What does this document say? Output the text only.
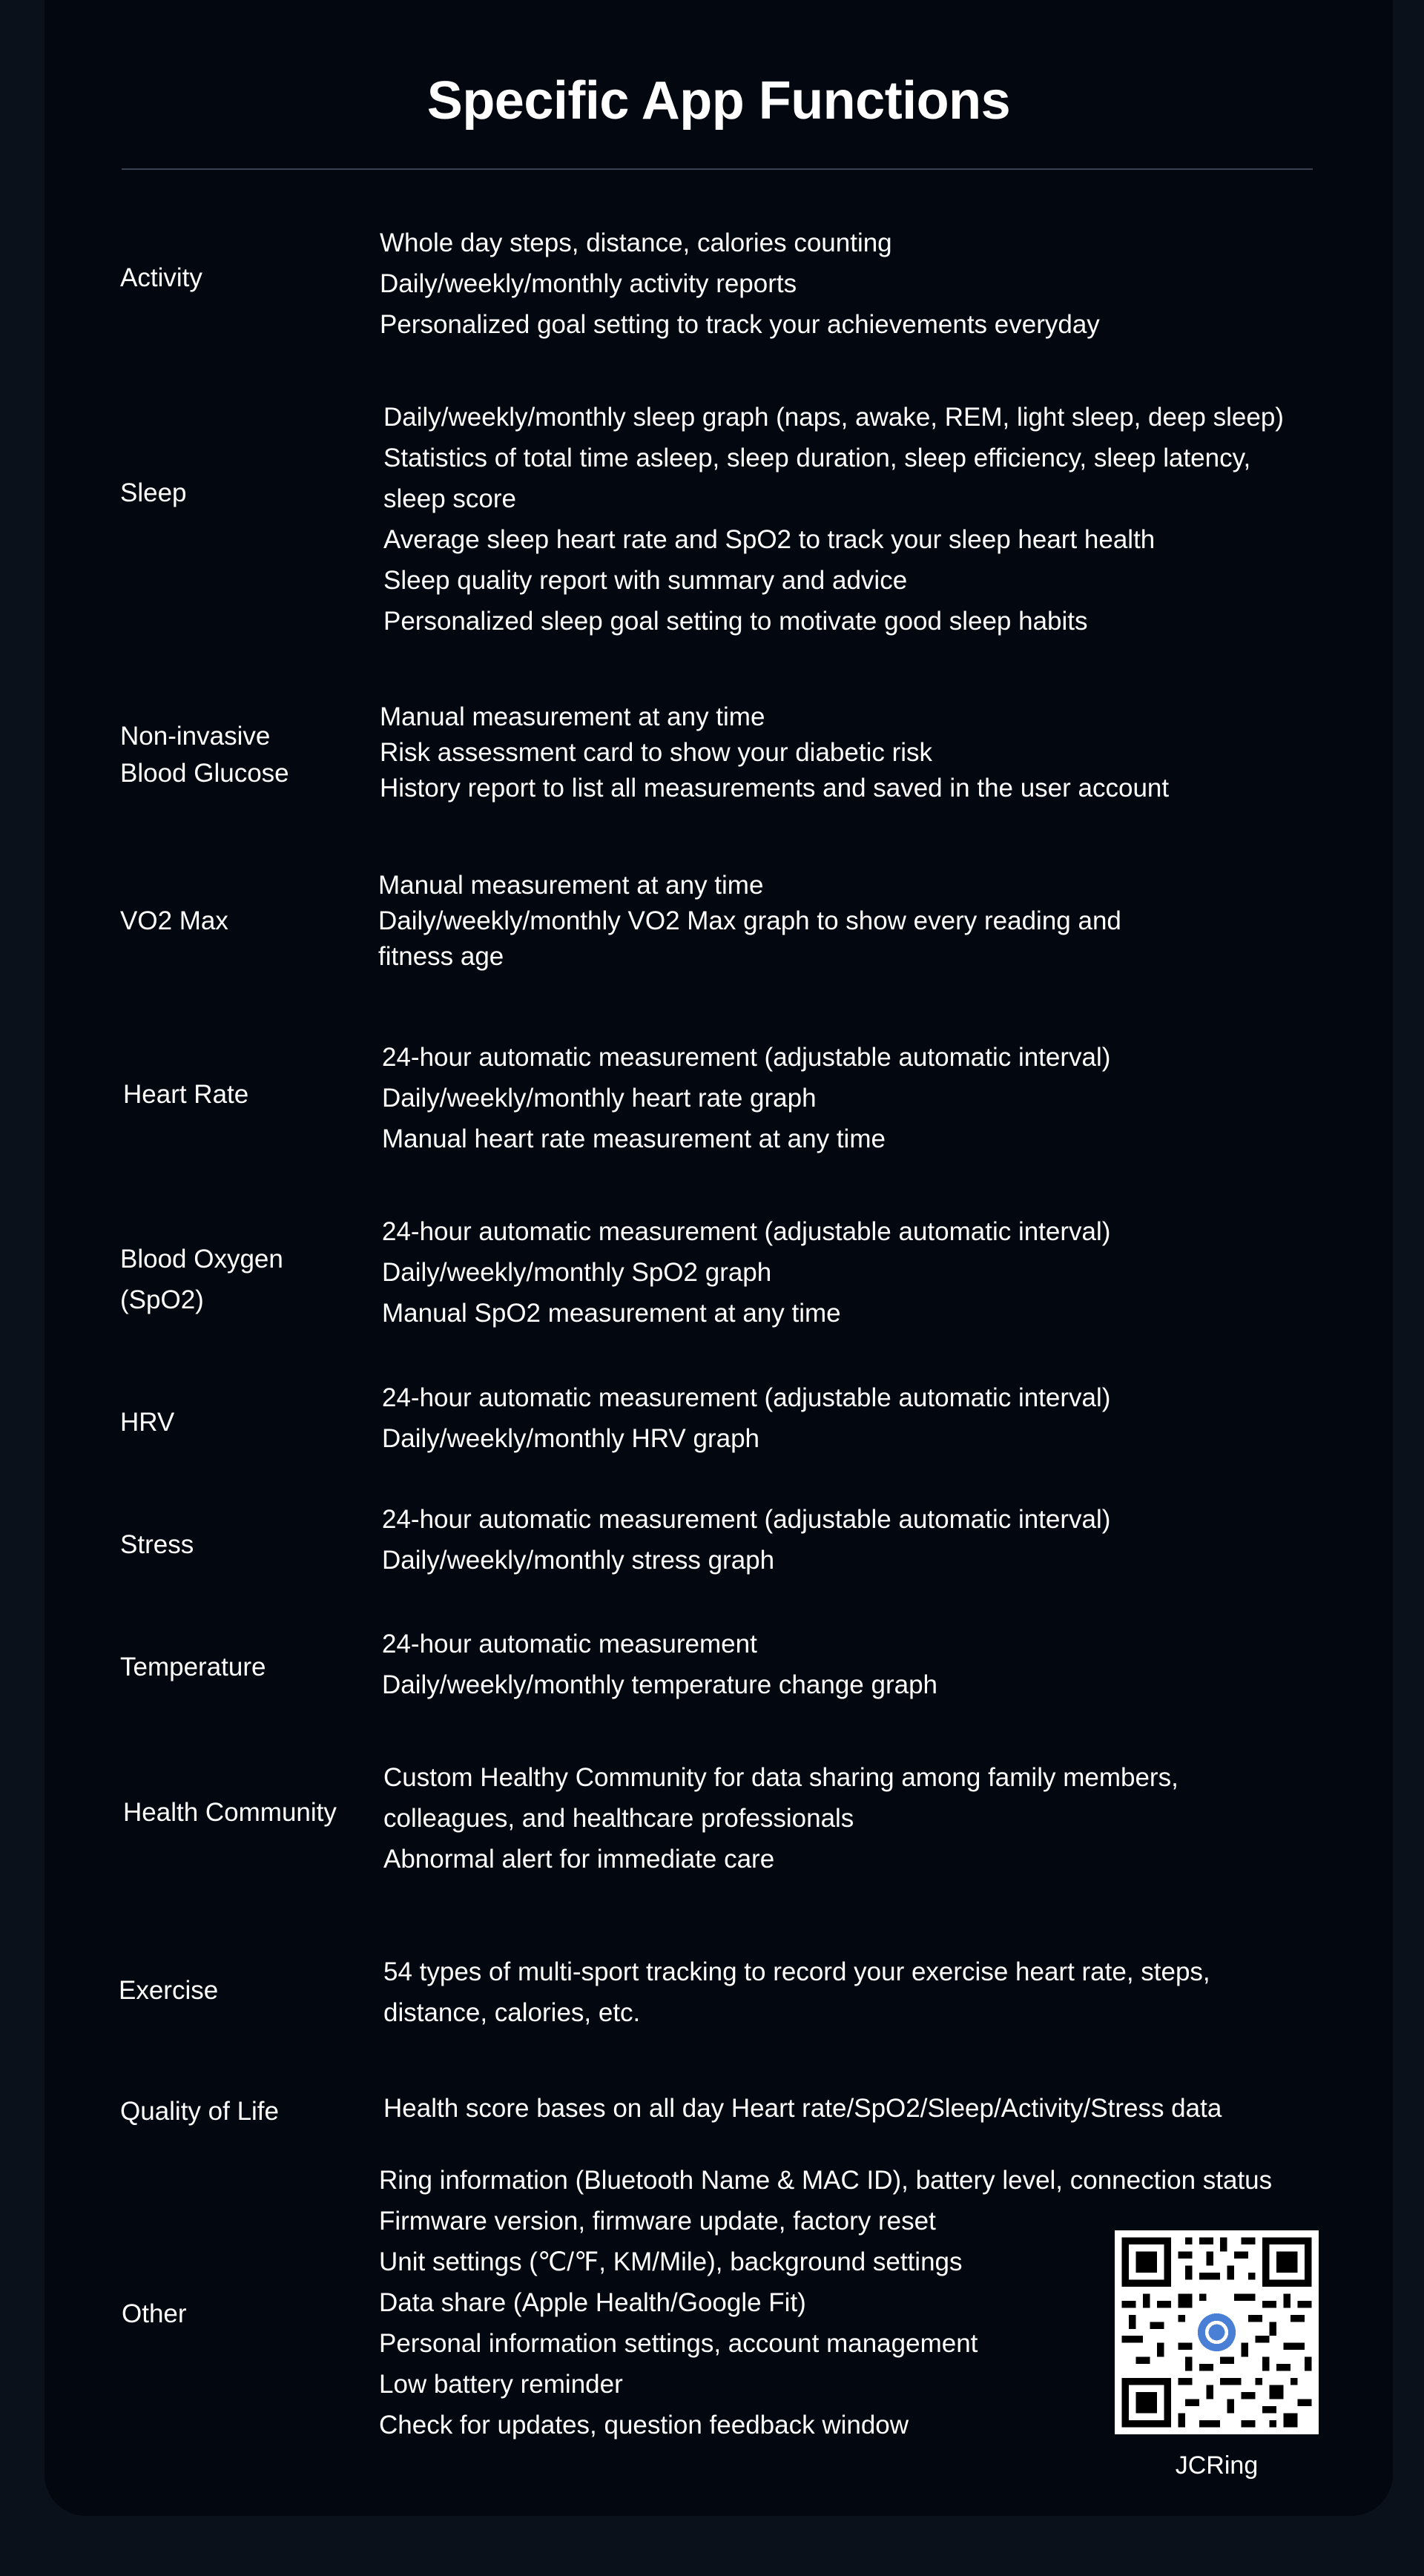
Specific App Functions
Activity
Whole day steps, distance, calories counting
Daily/weekly/monthly activity reports
Personalized goal setting to track your achievements everyday
Sleep
Daily/weekly/monthly sleep graph (naps, awake, REM, light sleep, deep sleep)
Statistics of total time asleep, sleep duration, sleep efficiency, sleep latency,
sleep score
Average sleep heart rate and SpO2 to track your sleep heart health
Sleep quality report with summary and advice
Personalized sleep goal setting to motivate good sleep habits
Non-invasive
Blood Glucose
Manual measurement at any time
Risk assessment card to show your diabetic risk
History report to list all measurements and saved in the user account
VO2 Max
Manual measurement at any time
Daily/weekly/monthly VO2 Max graph to show every reading and
fitness age
Heart Rate
24-hour automatic measurement (adjustable automatic interval)
Daily/weekly/monthly heart rate graph
Manual heart rate measurement at any time
Blood Oxygen
(SpO2)
24-hour automatic measurement (adjustable automatic interval)
Daily/weekly/monthly SpO2 graph
Manual SpO2 measurement at any time
HRV
24-hour automatic measurement (adjustable automatic interval)
Daily/weekly/monthly HRV graph
Stress
24-hour automatic measurement (adjustable automatic interval)
Daily/weekly/monthly stress graph
Temperature
24-hour automatic measurement
Daily/weekly/monthly temperature change graph
Health Community
Custom Healthy Community for data sharing among family members,
colleagues, and healthcare professionals
Abnormal alert for immediate care
Exercise
54 types of multi-sport tracking to record your exercise heart rate, steps,
distance, calories, etc.
Quality of Life	Health score bases on all day Heart rate/SpO2/Sleep/Activity/Stress data
Other
Ring information (Bluetooth Name & MAC ID), battery level, connection status
Firmware version, firmware update, factory reset
Unit settings (℃/℉, KM/Mile), background settings
Data share (Apple Health/Google Fit)
Personal information settings, account management
Low battery reminder
Check for updates, question feedback window
JCRing
